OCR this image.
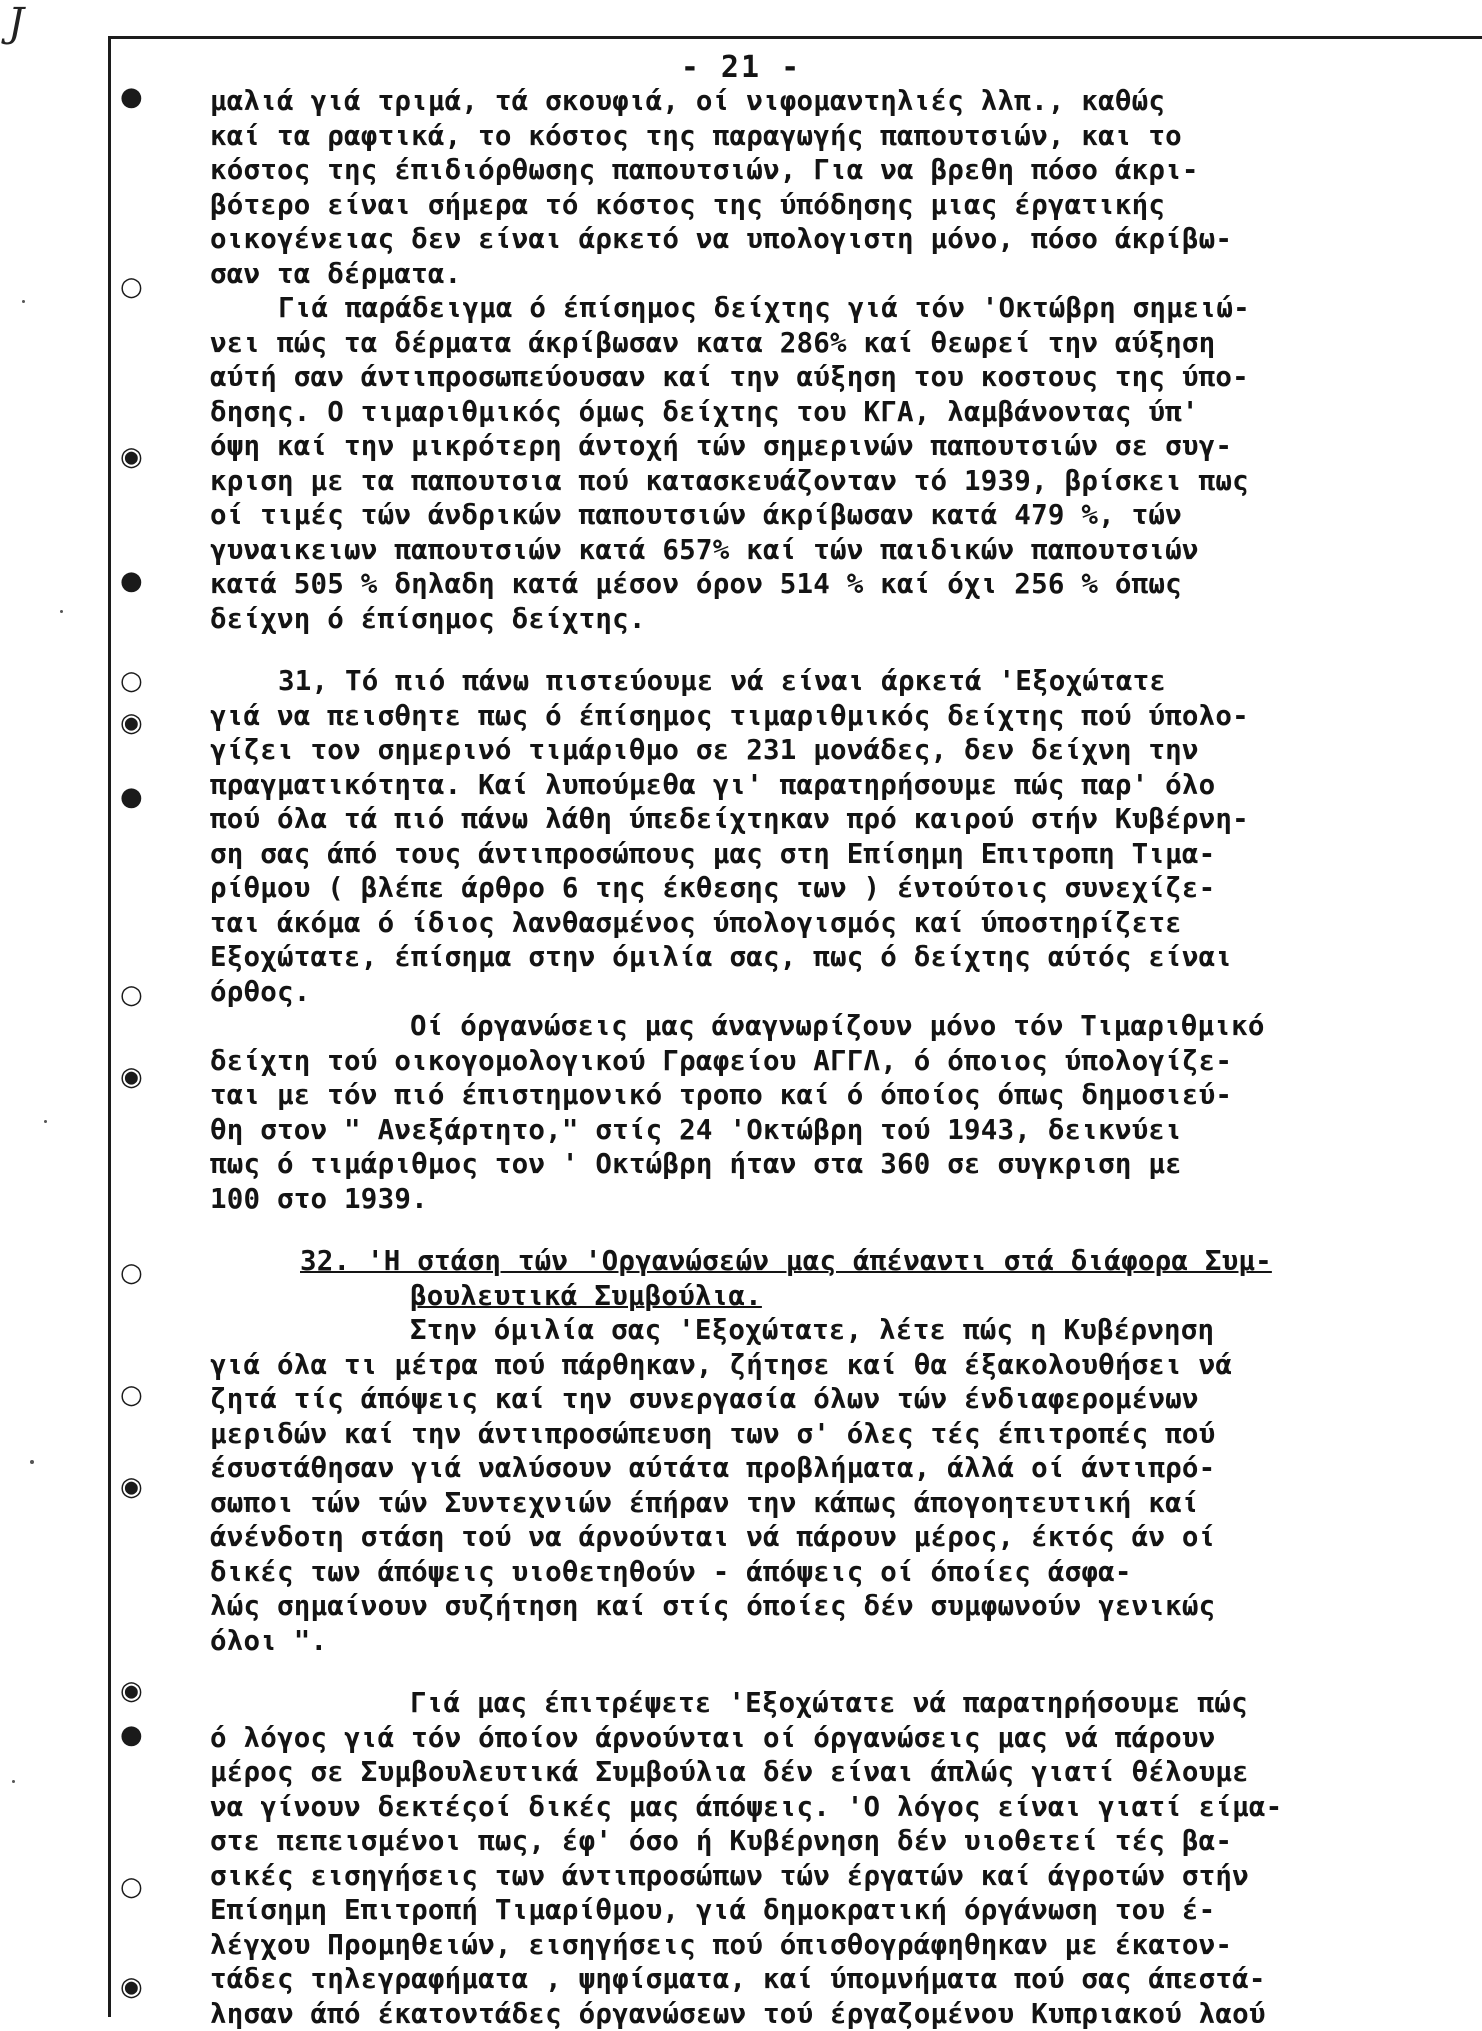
J
- 21 -
●
○
◉
●
○
◉
●
○
◉
○
○
◉
◉
●
○
◉
μαλιά γιά τριμά, τά σκουφιά, οί νιφομαντηλιές λλπ., καθώς
καί τα ραφτικά, το κόστος της παραγωγής παπουτσιών, και το
κόστος της έπιδιόρθωσης παπουτσιών, Για να βρεθη πόσο άκρι-
βότερο είναι σήμερα τό κόστος της ύπόδησης μιας έργατικής
οικογένειας δεν είναι άρκετό να υπολογιστη μόνο, πόσο άκρίβω-
σαν τα δέρματα.
Γιά παράδειγμα ό έπίσημος δείχτης γιά τόν 'Οκτώβρη σημειώ-
νει πώς τα δέρματα άκρίβωσαν κατα 286% καί θεωρεί την αύξηση
αύτή σαν άντιπροσωπεύουσαν καί την αύξηση του κοστους της ύπο-
δησης. Ο τιμαριθμικός όμως δείχτης του ΚΓΑ, λαμβάνοντας ύπ'
όψη καί την μικρότερη άντοχή τών σημερινών παπουτσιών σε συγ-
κριση με τα παπουτσια πού κατασκευάζονταν τό 1939, βρίσκει πως
οί τιμές τών άνδρικών παπουτσιών άκρίβωσαν κατά 479 %, τών
γυναικειων παπουτσιών κατά 657% καί τών παιδικών παπουτσιών
κατά 505 % δηλαδη κατά μέσον όρον 514 % καί όχι 256 % όπως
δείχνη ό έπίσημος δείχτης.
31, Τό πιό πάνω πιστεύουμε νά είναι άρκετά 'Εξοχώτατε
γιά να πεισθητε πως ό έπίσημος τιμαριθμικός δείχτης πού ύπολο-
γίζει τον σημερινό τιμάριθμο σε 231 μονάδες, δεν δείχνη την
πραγματικότητα. Καί λυπούμεθα γι' παρατηρήσουμε πώς παρ' όλο
πού όλα τά πιό πάνω λάθη ύπεδείχτηκαν πρό καιρού στήν Κυβέρνη-
ση σας άπό τους άντιπροσώπους μας στη Επίσημη Επιτροπη Τιμα-
ρίθμου ( βλέπε άρθρο 6 της έκθεσης των ) έντούτοις συνεχίζε-
ται άκόμα ό ίδιος λανθασμένος ύπολογισμός καί ύποστηρίζετε
Εξοχώτατε, έπίσημα στην όμιλία σας, πως ό δείχτης αύτός είναι
όρθος.
Οί όργανώσεις μας άναγνωρίζουν μόνο τόν Τιμαριθμικό
δείχτη τού οικογομολογικού Γραφείου ΑΓΓΛ, ό όποιος ύπολογίζε-
ται με τόν πιό έπιστημονικό τροπο καί ό όποίος όπως δημοσιεύ-
θη στον " Ανεξάρτητο," στίς 24 'Οκτώβρη τού 1943, δεικνύει
πως ό τιμάριθμος τον ' Οκτώβρη ήταν στα 360 σε συγκριση με
100 στο 1939.
32. 'Η στάση τών 'Οργανώσεών μας άπέναντι στά διάφορα Συμ-
βουλευτικά Συμβούλια.
Στην όμιλία σας 'Εξοχώτατε, λέτε πώς η Κυβέρνηση
γιά όλα τι μέτρα πού πάρθηκαν, ζήτησε καί θα έξακολουθήσει νά
ζητά τίς άπόψεις καί την συνεργασία όλων τών ένδιαφερομένων
μεριδών καί την άντιπροσώπευση των σ' όλες τές έπιτροπές πού
έσυστάθησαν γιά ναλύσουν αύτάτα προβλήματα, άλλά οί άντιπρό-
σωποι τών τών Συντεχνιών έπήραν την κάπως άπογοητευτική καί
άνένδοτη στάση τού να άρνούνται νά πάρουν μέρος, έκτός άν οί
δικές των άπόψεις υιοθετηθούν - άπόψεις οί όποίες άσφα-
λώς σημαίνουν συζήτηση καί στίς όποίες δέν συμφωνούν γενικώς
όλοι ".
Γιά μας έπιτρέψετε 'Εξοχώτατε νά παρατηρήσουμε πώς
ό λόγος γιά τόν όποίον άρνούνται οί όργανώσεις μας νά πάρουν
μέρος σε Συμβουλευτικά Συμβούλια δέν είναι άπλώς γιατί θέλουμε
να γίνουν δεκτέςοί δικές μας άπόψεις. 'Ο λόγος είναι γιατί είμα-
στε πεπεισμένοι πως, έφ' όσο ή Κυβέρνηση δέν υιοθετεί τές βα-
σικές εισηγήσεις των άντιπροσώπων τών έργατών καί άγροτών στήν
Επίσημη Επιτροπή Τιμαρίθμου, γιά δημοκρατική όργάνωση του έ-
λέγχου Προμηθειών, εισηγήσεις πού όπισθογράφηθηκαν με έκατον-
τάδες τηλεγραφήματα , ψηφίσματα, καί ύπομνήματα πού σας άπεστά-
λησαν άπό έκατοντάδες όργανώσεων τού έργαζομένου Κυπριακού λαού
